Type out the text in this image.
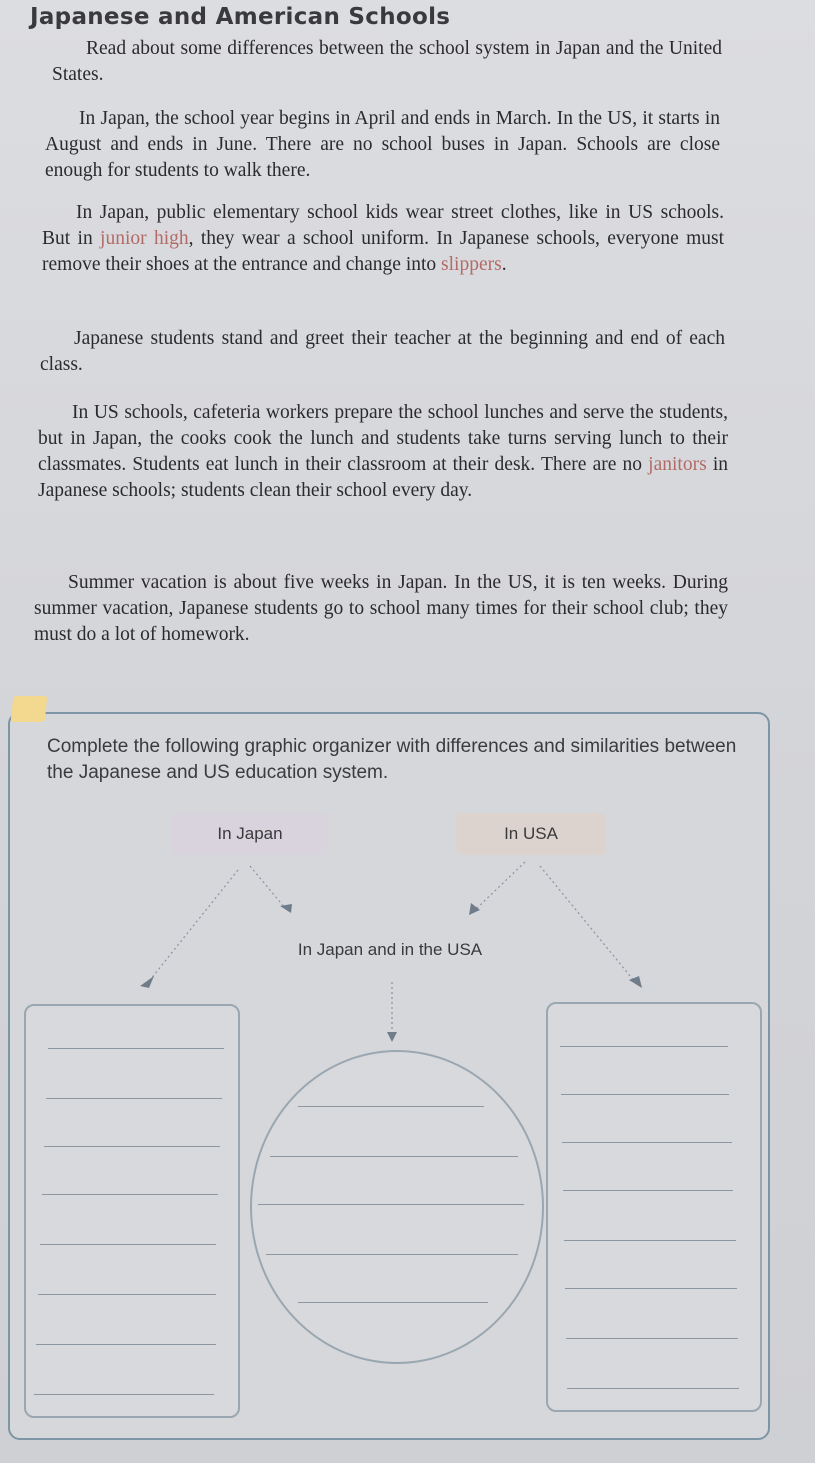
Japanese and American Schools
Read about some differences between the school system in Japan and the United States.
In Japan, the school year begins in April and ends in March. In the US, it starts in August and ends in June. There are no school buses in Japan. Schools are close enough for students to walk there.
In Japan, public elementary school kids wear street clothes, like in US schools. But in junior high, they wear a school uniform. In Japanese schools, everyone must remove their shoes at the entrance and change into slippers.
Japanese students stand and greet their teacher at the beginning and end of each class.
In US schools, cafeteria workers prepare the school lunches and serve the students, but in Japan, the cooks cook the lunch and students take turns serving lunch to their classmates. Students eat lunch in their classroom at their desk. There are no janitors in Japanese schools; students clean their school every day.
Summer vacation is about five weeks in Japan. In the US, it is ten weeks. During summer vacation, Japanese students go to school many times for their school club; they must do a lot of homework.
Complete the following graphic organizer with differences and similarities between the Japanese and US education system.
In Japan	In USA
In Japan and in the USA
